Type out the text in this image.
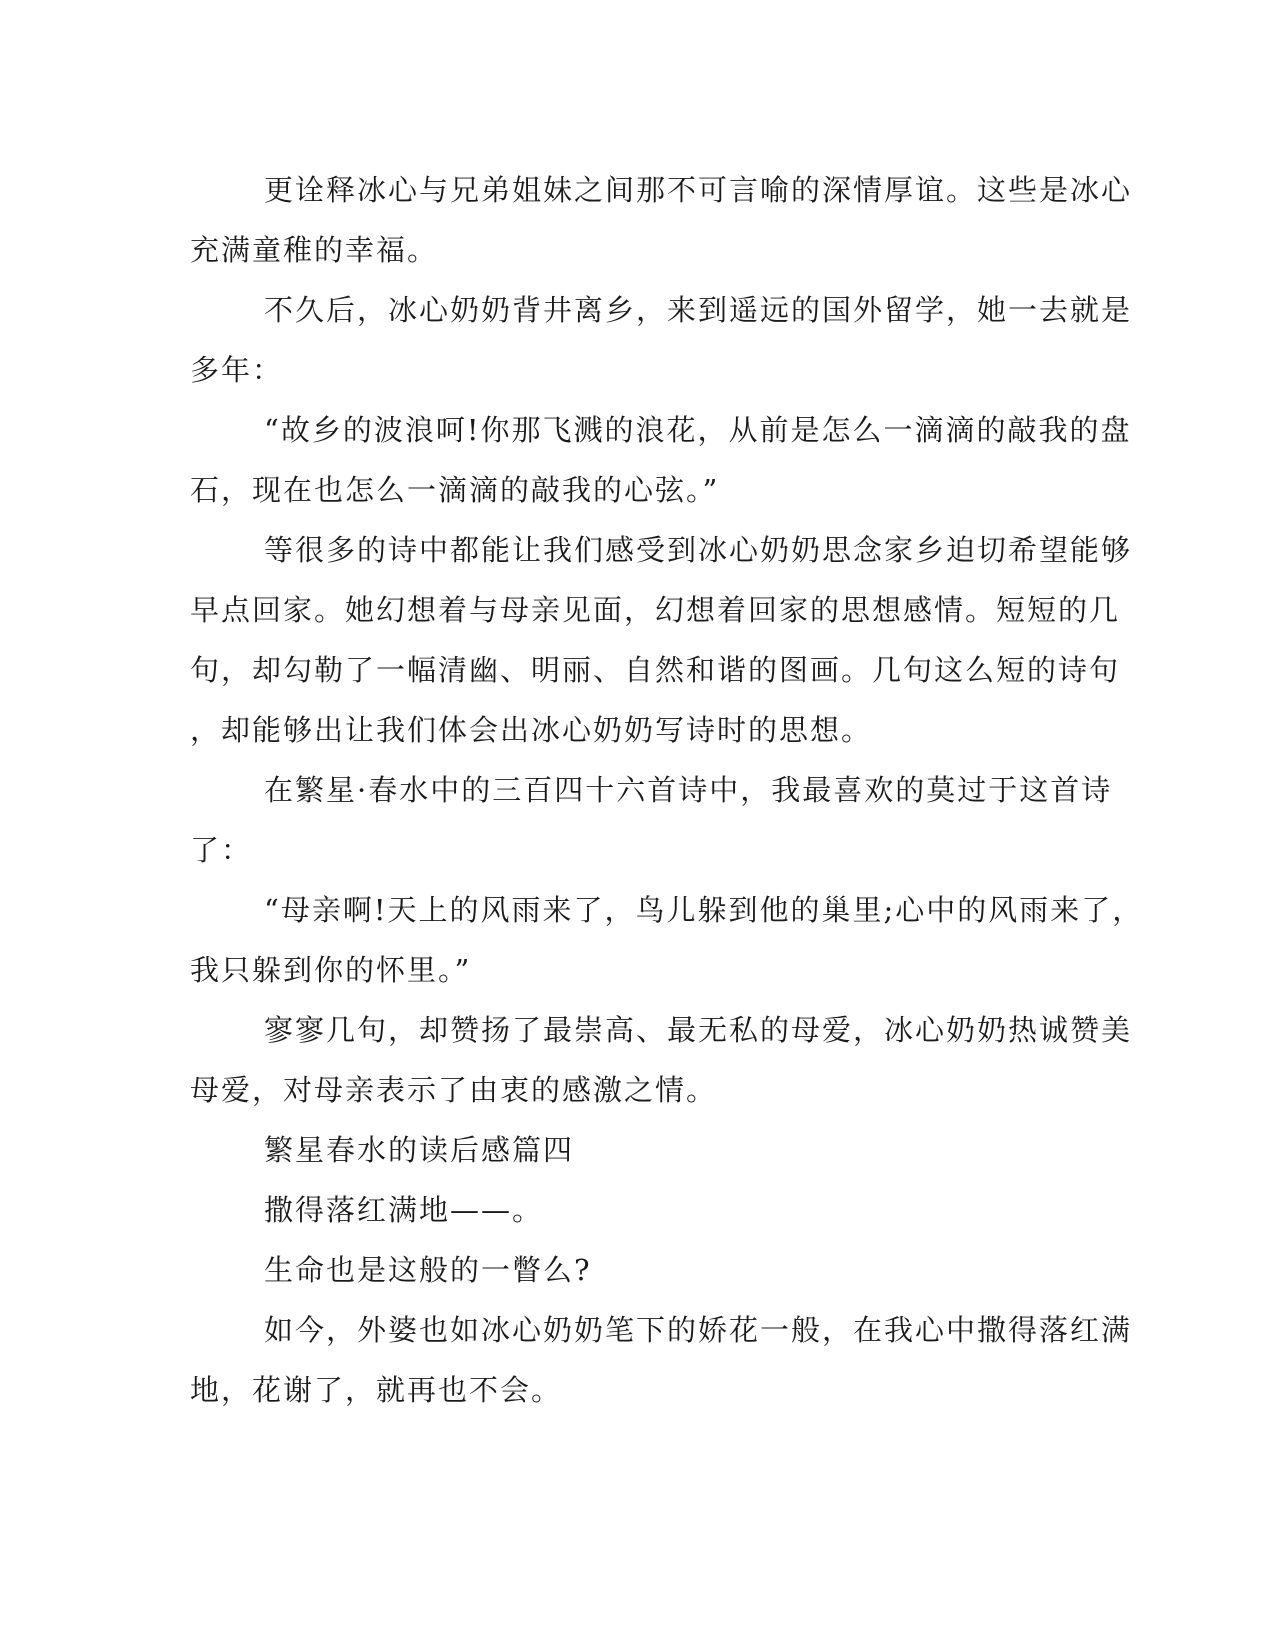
更诠释冰心与兄弟姐妹之间那不可言喻的深情厚谊。这些是冰心
充满童稚的幸福。

不久后，冰心奶奶背井离乡，来到遥远的国外留学，她一去就是
多年：

“故乡的波浪呵!你那飞溅的浪花，从前是怎么一滴滴的敲我的盘
石，现在也怎么一滴滴的敲我的心弦。”

等很多的诗中都能让我们感受到冰心奶奶思念家乡迫切希望能够
早点回家。她幻想着与母亲见面，幻想着回家的思想感情。短短的几
句，却勾勒了一幅清幽、明丽、自然和谐的图画。几句这么短的诗句
，却能够出让我们体会出冰心奶奶写诗时的思想。

在繁星·春水中的三百四十六首诗中，我最喜欢的莫过于这首诗
了：

“母亲啊!天上的风雨来了，鸟儿躲到他的巢里;心中的风雨来了，
我只躲到你的怀里。”

寥寥几句，却赞扬了最崇高、最无私的母爱，冰心奶奶热诚赞美
母爱，对母亲表示了由衷的感激之情。

繁星春水的读后感篇四

撒得落红满地——。

生命也是这般的一瞥么?

如今，外婆也如冰心奶奶笔下的娇花一般，在我心中撒得落红满
地，花谢了，就再也不会。
